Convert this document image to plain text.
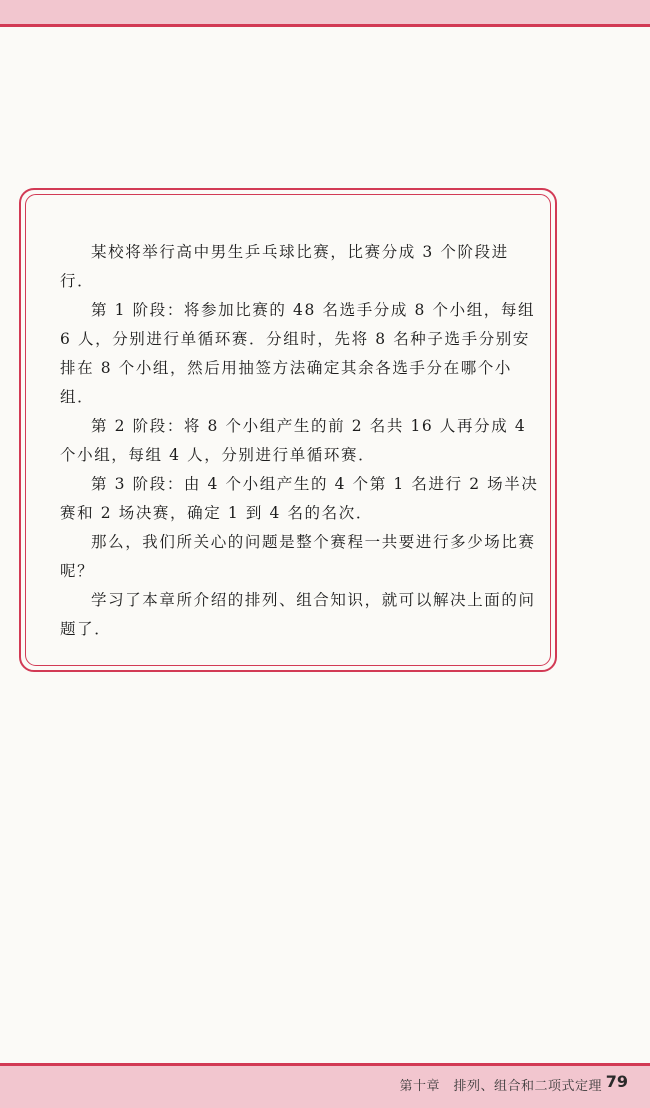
某校将举行高中男生乒乓球比赛，比赛分成 3 个阶段进行．

第 1 阶段：将参加比赛的 48 名选手分成 8 个小组，每组 6 人，分别进行单循环赛．分组时，先将 8 名种子选手分别安排在 8 个小组，然后用抽签方法确定其余各选手分在哪个小组．

第 2 阶段：将 8 个小组产生的前 2 名共 16 人再分成 4 个小组，每组 4 人，分别进行单循环赛．

第 3 阶段：由 4 个小组产生的 4 个第 1 名进行 2 场半决赛和 2 场决赛，确定 1 到 4 名的名次．

那么，我们所关心的问题是整个赛程一共要进行多少场比赛呢？

学习了本章所介绍的排列、组合知识，就可以解决上面的问题了．

第十章　排列、组合和二项式定理 79
